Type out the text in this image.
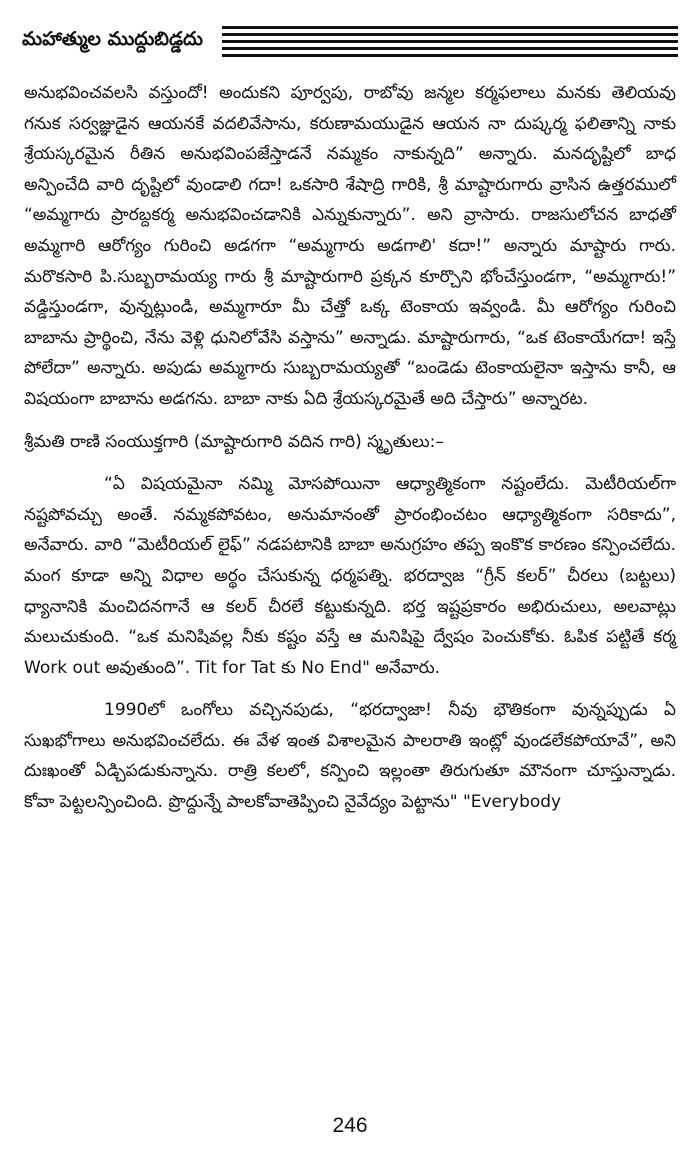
మహాత్ముల ముద్దుబిడ్డదు

అనుభవించవలసి వస్తుందో! అందుకని పూర్వపు, రాబోవు జన్మల కర్మఫలాలు మనకు తెలియవు గనుక సర్వజ్ఞుడైన ఆయనకే వదలివేసాను, కరుణామయుడైన ఆయన నా దుష్కర్మ ఫలితాన్ని నాకు శ్రేయస్కరమైన రీతిన అనుభవింపజేస్తాడనే నమ్మకం నాకున్నది” అన్నారు. మనదృష్టిలో బాధ అన్పించేది వారి దృష్టిలో వుండాలి గదా! ఒకసారి శేషాద్రి గారికి, శ్రీ మాష్టారుగారు వ్రాసిన ఉత్తరములో “అమ్మగారు ప్రారబ్దకర్మ అనుభవించడానికి ఎన్నుకున్నారు”. అని వ్రాసారు. రాజసులోచన బాధతో అమ్మగారి ఆరోగ్యం గురించి అడగగా “అమ్మగారు అడగాలి' కదా!” అన్నారు మాష్టారు గారు. మరొకసారి పి.సుబ్బరామయ్య గారు శ్రీ మాష్టారుగారి ప్రక్కన కూర్చొని భోంచేస్తుండగా, “అమ్మగారు!” వడ్డిస్తుండగా, వున్నట్లుండి, అమ్మగారూ మీ చేత్తో ఒక్క టెంకాయ ఇవ్వండి. మీ ఆరోగ్యం గురించి బాబాను ప్రార్థించి, నేను వెళ్లి ధునిలోవేసి వస్తాను” అన్నాడు. మాష్టారుగారు, “ఒక టెంకాయేగదా! ఇస్తే పోలేదా” అన్నారు. అపుడు అమ్మగారు సుబ్బరామయ్యతో “బండెడు టెంకాయలైనా ఇస్తాను కానీ, ఆ విషయంగా బాబాను అడగను. బాబా నాకు ఏది శ్రేయస్కరమైతే అది చేస్తారు” అన్నారట.

శ్రీమతి రాణి సంయుక్తగారి (మాష్టారుగారి వదిన గారి) స్మృతులు:–

“ఏ విషయమైనా నమ్మి మోసపోయినా ఆధ్యాత్మికంగా నష్టంలేదు. మెటీరియల్‌గా నష్టపోవచ్చు అంతే. నమ్మకపోవటం, అనుమానంతో ప్రారంభించటం ఆధ్యాత్మికంగా సరికాదు”, అనేవారు. వారి “మెటీరియల్ లైఫ్” నడపటానికి బాబా అనుగ్రహం తప్ప ఇంకొక కారణం కన్పించలేదు. మంగ కూడా అన్ని విధాల అర్థం చేసుకున్న ధర్మపత్ని. భరద్వాజ “గ్రీన్ కలర్” చీరలు (బట్టలు) ధ్యానానికి మంచిదనగానే ఆ కలర్ చీరలే కట్టుకున్నది. భర్త ఇష్టప్రకారం అభిరుచులు, అలవాట్లు మలుచుకుంది. “ఒక మనిషివల్ల నీకు కష్టం వస్తే ఆ మనిషిపై ద్వేషం పెంచుకోకు. ఓపిక పట్టితే కర్మ Work out అవుతుంది”. Tit for Tat కు No End" అనేవారు.

1990లో ఒంగోలు వచ్చినపుడు, “భరద్వాజా! నీవు భౌతికంగా వున్నప్పుడు ఏ సుఖభోగాలు అనుభవించలేదు. ఈ వేళ ఇంత విశాలమైన పాలరాతి ఇంట్లో వుండలేకపోయావే”, అని దుఃఖంతో ఏడ్చిపడుకున్నాను. రాత్రి కలలో, కన్పించి ఇల్లంతా తిరుగుతూ మౌనంగా చూస్తున్నాడు. కోవా పెట్టలన్పించింది. ప్రొద్దున్నే పాలకోవాతెప్పించి నైవేద్యం పెట్టాను" "Everybody

246
